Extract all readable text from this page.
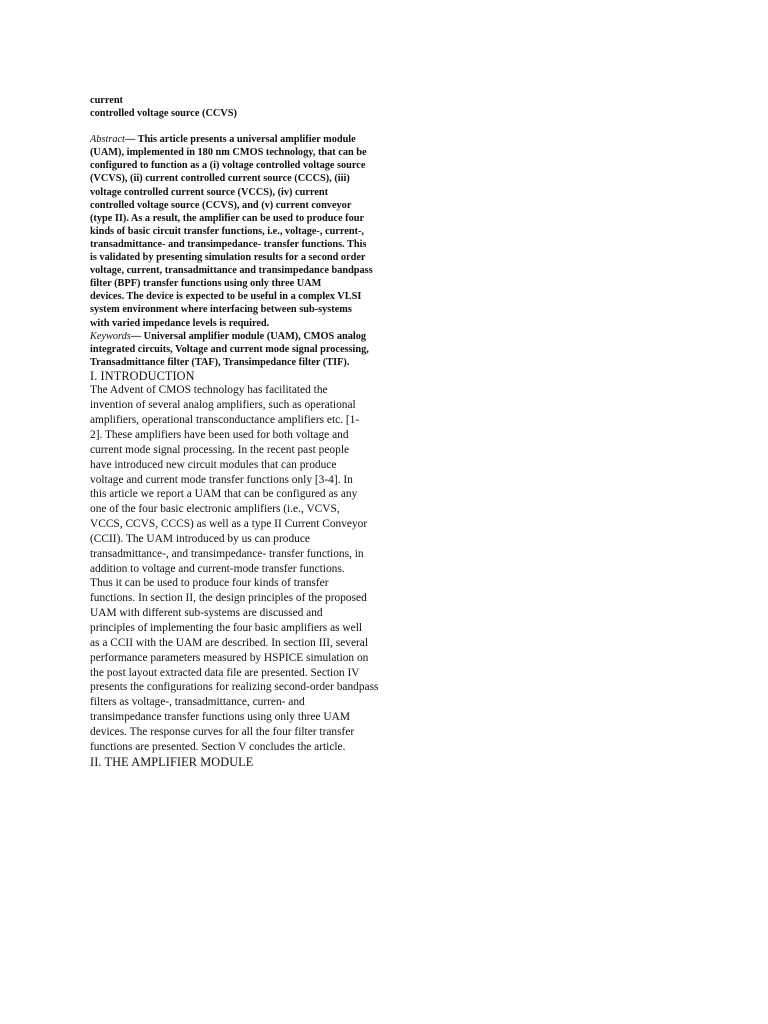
current

controlled voltage source (CCVS)

Abstract— This article presents a universal amplifier module
(UAM), implemented in 180 nm CMOS technology, that can be
configured to function as a (i) voltage controlled voltage source
(VCVS), (ii) current controlled current source (CCCS), (iii)
voltage controlled current source (VCCS), (iv) current
controlled voltage source (CCVS), and (v) current conveyor
(type II). As a result, the amplifier can be used to produce four
kinds of basic circuit transfer functions, i.e., voltage-, current-,
transadmittance- and transimpedance- transfer functions. This
is validated by presenting simulation results for a second order
voltage, current, transadmittance and transimpedance bandpass
filter (BPF) transfer functions using only three UAM
devices. The device is expected to be useful in a complex VLSI
system environment where interfacing between sub-systems
with varied impedance levels is required.

Keywords— Universal amplifier module (UAM), CMOS analog
integrated circuits, Voltage and current mode signal processing,
Transadmittance filter (TAF), Transimpedance filter (TIF).

I. INTRODUCTION

The Advent of CMOS technology has facilitated the
invention of several analog amplifiers, such as operational
amplifiers, operational transconductance amplifiers etc. [1-
2]. These amplifiers have been used for both voltage and
current mode signal processing. In the recent past people
have introduced new circuit modules that can produce
voltage and current mode transfer functions only [3-4]. In
this article we report a UAM that can be configured as any
one of the four basic electronic amplifiers (i.e., VCVS,
VCCS, CCVS, CCCS) as well as a type II Current Conveyor
(CCII). The UAM introduced by us can produce
transadmittance-, and transimpedance- transfer functions, in
addition to voltage and current-mode transfer functions.
Thus it can be used to produce four kinds of transfer
functions. In section II, the design principles of the proposed
UAM with different sub-systems are discussed and
principles of implementing the four basic amplifiers as well
as a CCII with the UAM are described. In section III, several
performance parameters measured by HSPICE simulation on
the post layout extracted data file are presented. Section IV
presents the configurations for realizing second-order bandpass
filters as voltage-, transadmittance, curren- and
transimpedance transfer functions using only three UAM
devices. The response curves for all the four filter transfer
functions are presented. Section V concludes the article.

II. THE AMPLIFIER MODULE
